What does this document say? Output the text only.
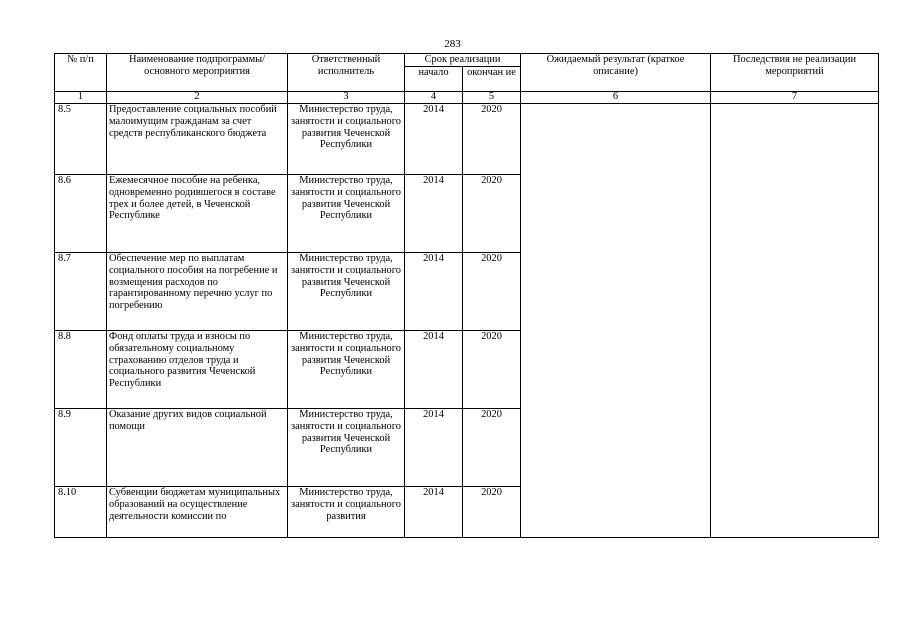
283
№ п/п	Наименование подпрограммы/ основного мероприятия	Ответственный исполнитель	Срок реализации		Ожидаемый результат (краткое описание)	Последствия не реализации мероприятий
			начало	окончан ие		
1	2	3	4	5	6	7
8.5	Предоставление социальных пособий малоимущим гражданам за счет средств республиканского бюджета	Министерство труда, занятости и социального развития Чеченской Республики	2014	2020		
8.6	Ежемесячное пособие на ребенка, одновременно родившегося в составе трех и более детей, в Чеченской Республике	Министерство труда, занятости и социального развития Чеченской Республики	2014	2020		
8.7	Обеспечение мер по выплатам социального пособия на погребение и возмещения расходов по гарантированному перечню услуг по погребению	Министерство труда, занятости и социального развития Чеченской Республики	2014	2020		
8.8	Фонд оплаты труда и взносы по обязательному социальному страхованию отделов труда и социального развития Чеченской Республики	Министерство труда, занятости и социального развития Чеченской Республики	2014	2020		
8.9	Оказание других видов социальной помощи	Министерство труда, занятости и социального развития Чеченской Республики	2014	2020		
8.10	Субвенции бюджетам муниципальных образований на осуществление деятельности комиссии по	Министерство труда, занятости и социального развития	2014	2020		
